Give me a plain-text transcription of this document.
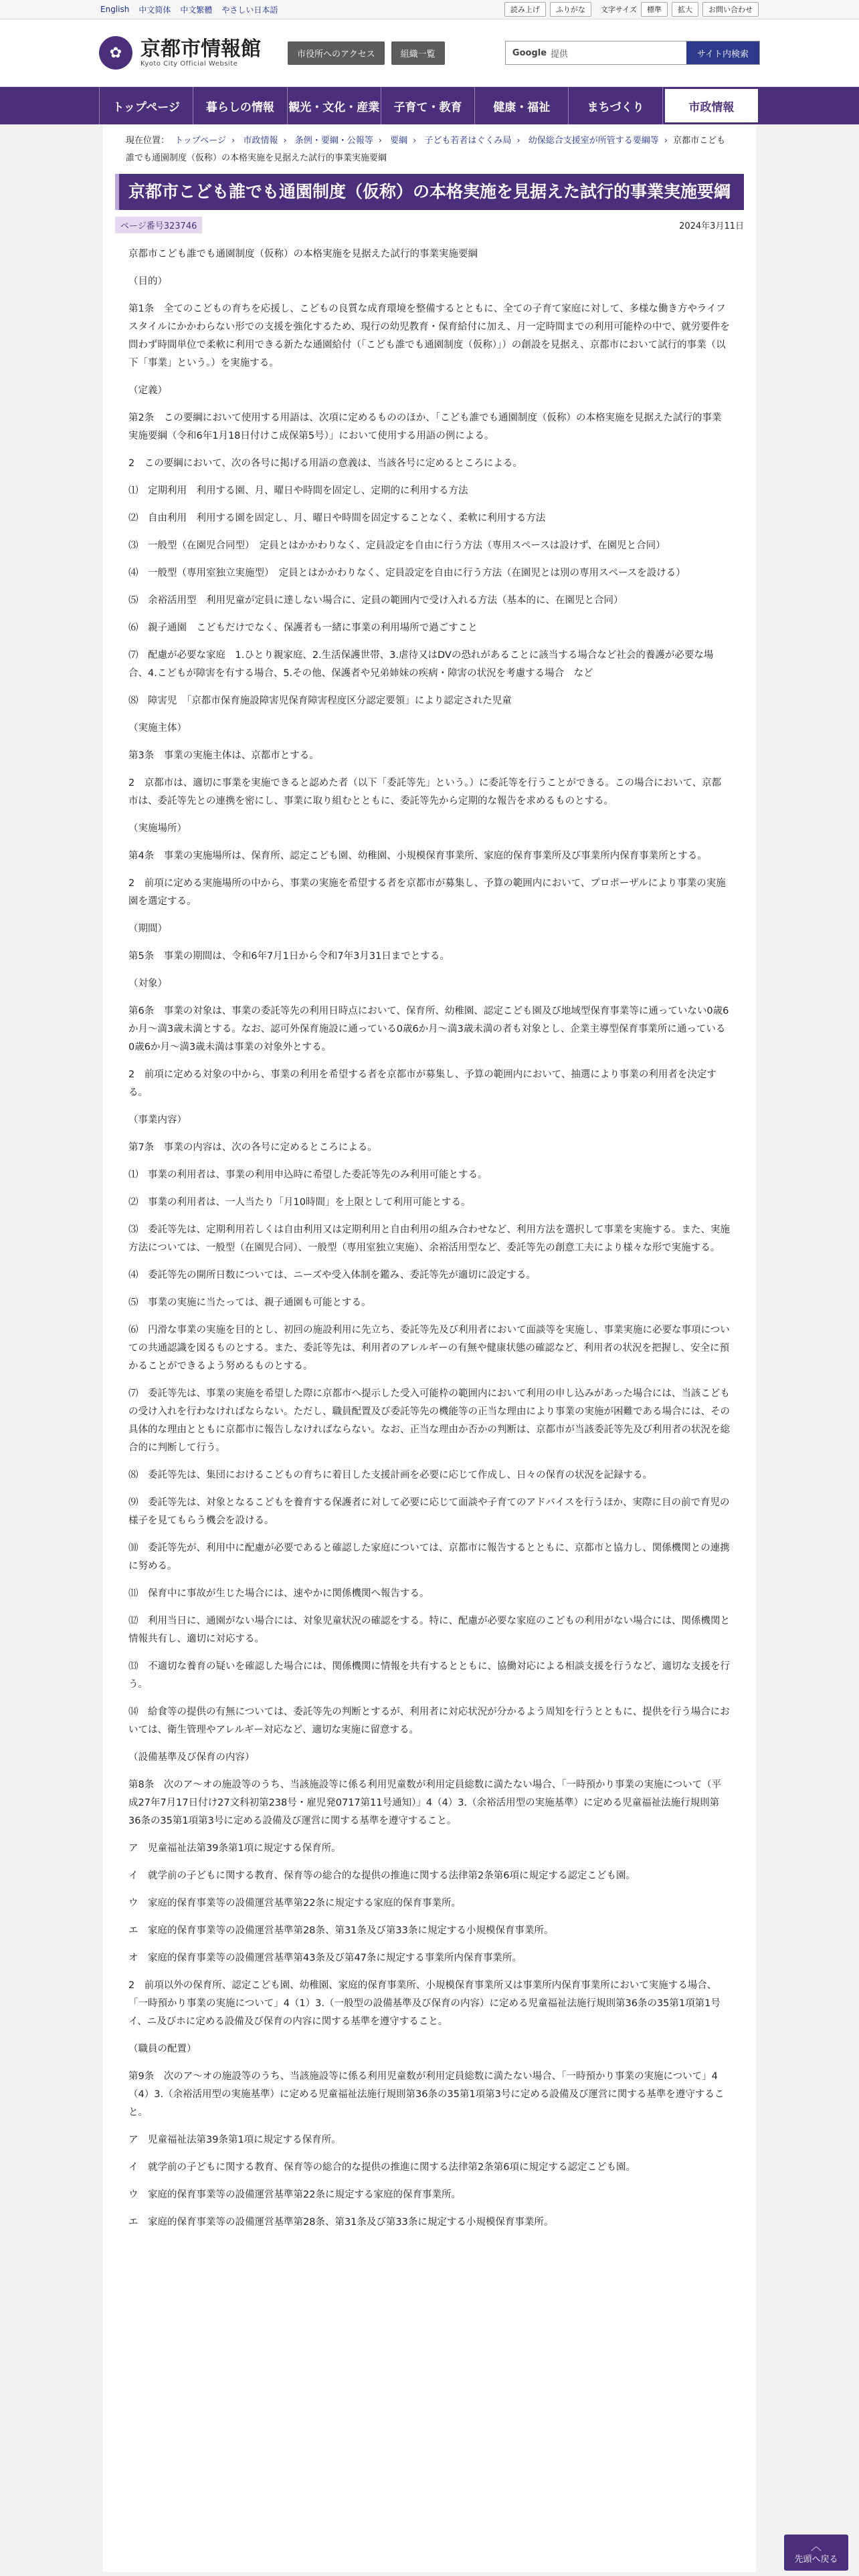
English 中文简体 中文繁體 やさしい日本語	読み上げ	ふりがな	文字サイズ	標準	拡大	お問い合わせ
✿ 京都市情報館
Kyoto City Official Website
市役所へのアクセス	組織一覧	Google 提供	サイト内検索
トップページ	暮らしの情報	観光・文化・産業	子育て・教育	健康・福祉	まちづくり	市政情報
現在位置： トップページ › 市政情報 › 条例・要綱・公報等 › 要綱 › 子ども若者はぐくみ局 › 幼保総合支援室が所管する要綱等 › 京都市こども誰でも通園制度（仮称）の本格実施を見据えた試行的事業実施要綱
京都市こども誰でも通園制度（仮称）の本格実施を見据えた試行的事業実施要綱
ページ番号323746	2024年3月11日

京都市こども誰でも通園制度（仮称）の本格実施を見据えた試行的事業実施要綱

（目的）

第1条　全てのこどもの育ちを応援し、こどもの良質な成育環境を整備するとともに、全ての子育て家庭に対して、多様な働き方やライフスタイルにかかわらない形での支援を強化するため、現行の幼児教育・保育給付に加え、月一定時間までの利用可能枠の中で、就労要件を問わず時間単位で柔軟に利用できる新たな通園給付（「こども誰でも通園制度（仮称）」）の創設を見据え、京都市において試行的事業（以下「事業」という。）を実施する。

（定義）

第2条　この要綱において使用する用語は、次項に定めるもののほか、「こども誰でも通園制度（仮称）の本格実施を見据えた試行的事業実施要綱（令和6年1月18日付けこ成保第5号）」において使用する用語の例による。

2　この要綱において、次の各号に掲げる用語の意義は、当該各号に定めるところによる。

⑴　定期利用　利用する園、月、曜日や時間を固定し、定期的に利用する方法

⑵　自由利用　利用する園を固定し、月、曜日や時間を固定することなく、柔軟に利用する方法

⑶　一般型（在園児合同型）　定員とはかかわりなく、定員設定を自由に行う方法（専用スペースは設けず、在園児と合同）

⑷　一般型（専用室独立実施型）　定員とはかかわりなく、定員設定を自由に行う方法（在園児とは別の専用スペースを設ける）

⑸　余裕活用型　利用児童が定員に達しない場合に、定員の範囲内で受け入れる方法（基本的に、在園児と合同）

⑹　親子通園　こどもだけでなく、保護者も一緒に事業の利用場所で過ごすこと

⑺　配慮が必要な家庭　1.ひとり親家庭、2.生活保護世帯、3.虐待又はDVの恐れがあることに該当する場合など社会的養護が必要な場合、4.こどもが障害を有する場合、5.その他、保護者や兄弟姉妹の疾病・障害の状況を考慮する場合　など

⑻　障害児　「京都市保育施設障害児保育障害程度区分認定要領」により認定された児童

（実施主体）

第3条　事業の実施主体は、京都市とする。

2　京都市は、適切に事業を実施できると認めた者（以下「委託等先」という。）に委託等を行うことができる。この場合において、京都市は、委託等先との連携を密にし、事業に取り組むとともに、委託等先から定期的な報告を求めるものとする。

（実施場所）

第4条　事業の実施場所は、保育所、認定こども園、幼稚園、小規模保育事業所、家庭的保育事業所及び事業所内保育事業所とする。

2　前項に定める実施場所の中から、事業の実施を希望する者を京都市が募集し、予算の範囲内において、プロポーザルにより事業の実施園を選定する。

（期間）

第5条　事業の期間は、令和6年7月1日から令和7年3月31日までとする。

（対象）

第6条　事業の対象は、事業の委託等先の利用日時点において、保育所、幼稚園、認定こども園及び地域型保育事業等に通っていない0歳6か月～満3歳未満とする。なお、認可外保育施設に通っている0歳6か月～満3歳未満の者も対象とし、企業主導型保育事業所に通っている0歳6か月～満3歳未満は事業の対象外とする。

2　前項に定める対象の中から、事業の利用を希望する者を京都市が募集し、予算の範囲内において、抽選により事業の利用者を決定する。

（事業内容）

第7条　事業の内容は、次の各号に定めるところによる。

⑴　事業の利用者は、事業の利用申込時に希望した委託等先のみ利用可能とする。

⑵　事業の利用者は、一人当たり「月10時間」を上限として利用可能とする。

⑶　委託等先は、定期利用若しくは自由利用又は定期利用と自由利用の組み合わせなど、利用方法を選択して事業を実施する。また、実施方法については、一般型（在園児合同）、一般型（専用室独立実施）、余裕活用型など、委託等先の創意工夫により様々な形で実施する。

⑷　委託等先の開所日数については、ニーズや受入体制を鑑み、委託等先が適切に設定する。

⑸　事業の実施に当たっては、親子通園も可能とする。

⑹　円滑な事業の実施を目的とし、初回の施設利用に先立ち、委託等先及び利用者において面談等を実施し、事業実施に必要な事項についての共通認識を図るものとする。また、委託等先は、利用者のアレルギーの有無や健康状態の確認など、利用者の状況を把握し、安全に預かることができるよう努めるものとする。

⑺　委託等先は、事業の実施を希望した際に京都市へ提示した受入可能枠の範囲内において利用の申し込みがあった場合には、当該こどもの受け入れを行わなければならない。ただし、職員配置及び委託等先の機能等の正当な理由により事業の実施が困難である場合には、その具体的な理由とともに京都市に報告しなければならない。なお、正当な理由か否かの判断は、京都市が当該委託等先及び利用者の状況を総合的に判断して行う。

⑻　委託等先は、集団におけるこどもの育ちに着目した支援計画を必要に応じて作成し、日々の保育の状況を記録する。

⑼　委託等先は、対象となるこどもを養育する保護者に対して必要に応じて面談や子育てのアドバイスを行うほか、実際に目の前で育児の様子を見てもらう機会を設ける。

⑽　委託等先が、利用中に配慮が必要であると確認した家庭については、京都市に報告するとともに、京都市と協力し、関係機関との連携に努める。

⑾　保育中に事故が生じた場合には、速やかに関係機関へ報告する。

⑿　利用当日に、通園がない場合には、対象児童状況の確認をする。特に、配慮が必要な家庭のこどもの利用がない場合には、関係機関と情報共有し、適切に対応する。

⒀　不適切な養育の疑いを確認した場合には、関係機関に情報を共有するとともに、協働対応による相談支援を行うなど、適切な支援を行う。

⒁　給食等の提供の有無については、委託等先の判断とするが、利用者に対応状況が分かるよう周知を行うとともに、提供を行う場合においては、衛生管理やアレルギー対応など、適切な実施に留意する。

（設備基準及び保育の内容）

第8条　次のア～オの施設等のうち、当該施設等に係る利用児童数が利用定員総数に満たない場合、「一時預かり事業の実施について（平成27年7月17日付け27文科初第238号・雇児発0717第11号通知）」4（4）3.（余裕活用型の実施基準）に定める児童福祉法施行規則第36条の35第1項第3号に定める設備及び運営に関する基準を遵守すること。

ア　児童福祉法第39条第1項に規定する保育所。

イ　就学前の子どもに関する教育、保育等の総合的な提供の推進に関する法律第2条第6項に規定する認定こども園。

ウ　家庭的保育事業等の設備運営基準第22条に規定する家庭的保育事業所。

エ　家庭的保育事業等の設備運営基準第28条、第31条及び第33条に規定する小規模保育事業所。

オ　家庭的保育事業等の設備運営基準第43条及び第47条に規定する事業所内保育事業所。

2　前項以外の保育所、認定こども園、幼稚園、家庭的保育事業所、小規模保育事業所又は事業所内保育事業所において実施する場合、「一時預かり事業の実施について」4（1）3.（一般型の設備基準及び保育の内容）に定める児童福祉法施行規則第36条の35第1項第1号イ、ニ及びホに定める設備及び保育の内容に関する基準を遵守すること。

（職員の配置）

第9条　次のア～オの施設等のうち、当該施設等に係る利用児童数が利用定員総数に満たない場合、「一時預かり事業の実施について」4（4）3.（余裕活用型の実施基準）に定める児童福祉法施行規則第36条の35第1項第3号に定める設備及び運営に関する基準を遵守すること。

ア　児童福祉法第39条第1項に規定する保育所。

イ　就学前の子どもに関する教育、保育等の総合的な提供の推進に関する法律第2条第6項に規定する認定こども園。

ウ　家庭的保育事業等の設備運営基準第22条に規定する家庭的保育事業所。

エ　家庭的保育事業等の設備運営基準第28条、第31条及び第33条に規定する小規模保育事業所。

︿
先頭へ戻る
